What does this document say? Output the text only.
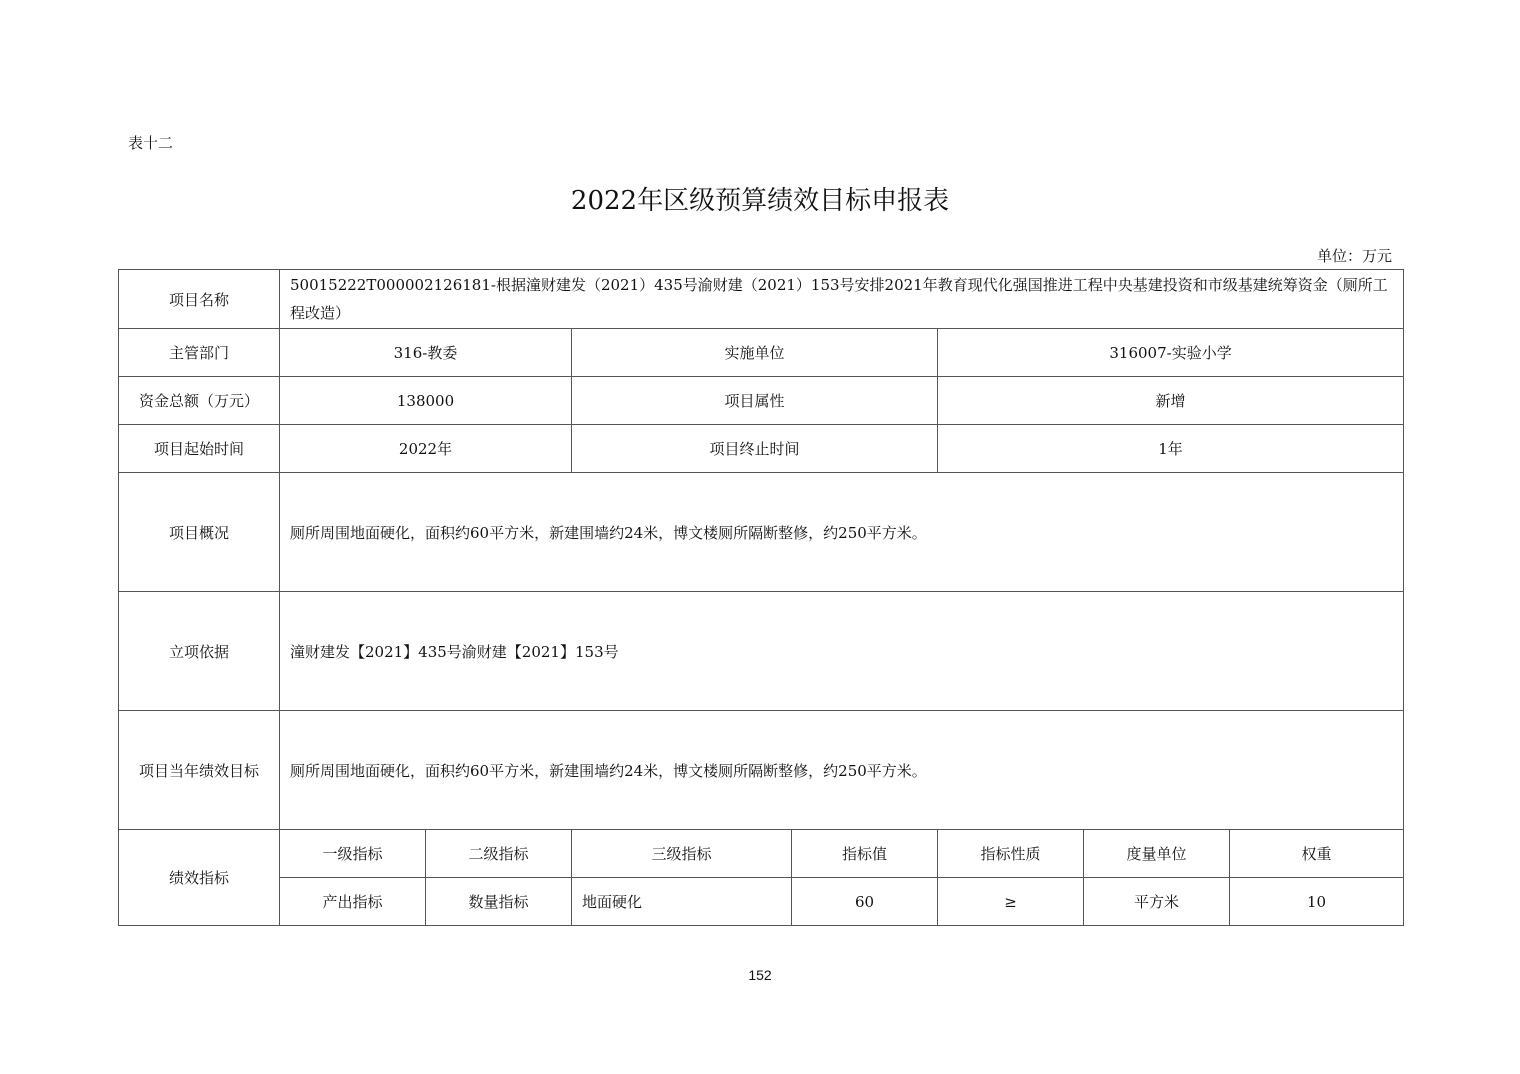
表十二
2022年区级预算绩效目标申报表
单位：万元
项目名称	50015222T000002126181-根据潼财建发（2021）435号渝财建（2021）153号安排2021年教育现代化强国推进工程中央基建投资和市级基建统筹资金（厕所工程改造）						
主管部门	316-教委		实施单位		316007-实验小学		
资金总额（万元）	138000		项目属性		新增		
项目起始时间	2022年		项目终止时间		1年		
项目概况	厕所周围地面硬化，面积约60平方米，新建围墙约24米，博文楼厕所隔断整修，约250平方米。						
立项依据	潼财建发【2021】435号渝财建【2021】153号						
项目当年绩效目标	厕所周围地面硬化，面积约60平方米，新建围墙约24米，博文楼厕所隔断整修，约250平方米。						
绩效指标	一级指标	二级指标	三级指标	指标值	指标性质	度量单位	权重
	产出指标	数量指标	地面硬化	60	≥	平方米	10
152
